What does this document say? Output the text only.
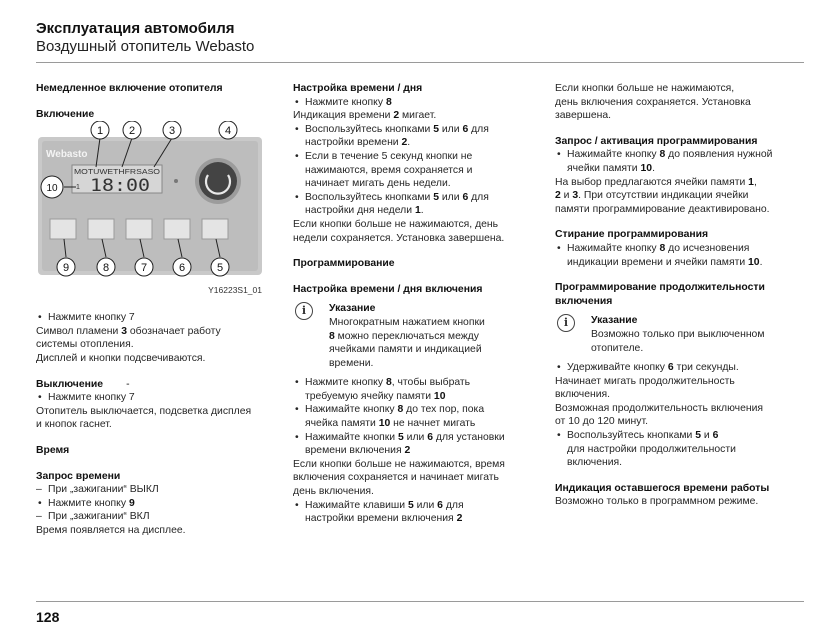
Эксплуатация автомобиля
Воздушный отопитель Webasto

Немедленное включение отопителя

Включение

Webasto
MOTUWETHFRSASO
18:00
1
1 2	3	4
10
9	8	7	6	5
Y16223S1_01

• Нажмите кнопку 7

Символ пламени 3 обозначает работу

системы отопления.

Дисплей и кнопки подсвечиваются.

Выключение -

• Нажмите кнопку 7

Отопитель выключается, подсветка дисплея

и кнопок гаснет.

Время

Запрос времени

– При „зажигании“ ВЫКЛ

• Нажмите кнопку 9

– При „зажигании“ ВКЛ

Время появляется на дисплее.

Настройка времени / дня

• Нажмите кнопку 8

Индикация времени 2 мигает.

• Воспользуйтесь кнопками 5 или 6 для
настройки времени 2.

• Если в течение 5 секунд кнопки не
нажимаются, время сохраняется и
начинает мигать день недели.

• Воспользуйтесь кнопками 5 или 6 для
настройки дня недели 1.

Если кнопки больше не нажимаются, день

недели сохраняется. Установка завершена.

Программирование

Настройка времени / дня включения

i	Указание

Многократным нажатием кнопки

8 можно переключаться между

ячейками памяти и индикацией

времени.

• Нажмите кнопку 8, чтобы выбрать
требуемую ячейку памяти 10

• Нажимайте кнопку 8 до тех пор, пока
ячейка памяти 10 не начнет мигать

• Нажимайте кнопки 5 или 6 для установки
времени включения 2

Если кнопки больше не нажимаются, время

включения сохраняется и начинает мигать

день включения.

• Нажимайте клавиши 5 или 6 для
настройки времени включения 2

Если кнопки больше не нажимаются,

день включения сохраняется. Установка

завершена.

Запрос / активация программирования

• Нажимайте кнопку 8 до появления нужной
ячейки памяти 10.

На выбор предлагаются ячейки памяти 1,

2 и 3. При отсутствии индикации ячейки

памяти программирование деактивировано.

Стирание программирования

• Нажимайте кнопку 8 до исчезновения
индикации времени и ячейки памяти 10.

Программирование продолжительности

включения

i	Указание

Возможно только при выключенном

отопителе.

• Удерживайте кнопку 6 три секунды.

Начинает мигать продолжительность

включения.

Возможная продолжительность включения

от 10 до 120 минут.

• Воспользуйтесь кнопками 5 и 6
для настройки продолжительности
включения.

Индикация оставшегося времени работы

Возможно только в программном режиме.

128
